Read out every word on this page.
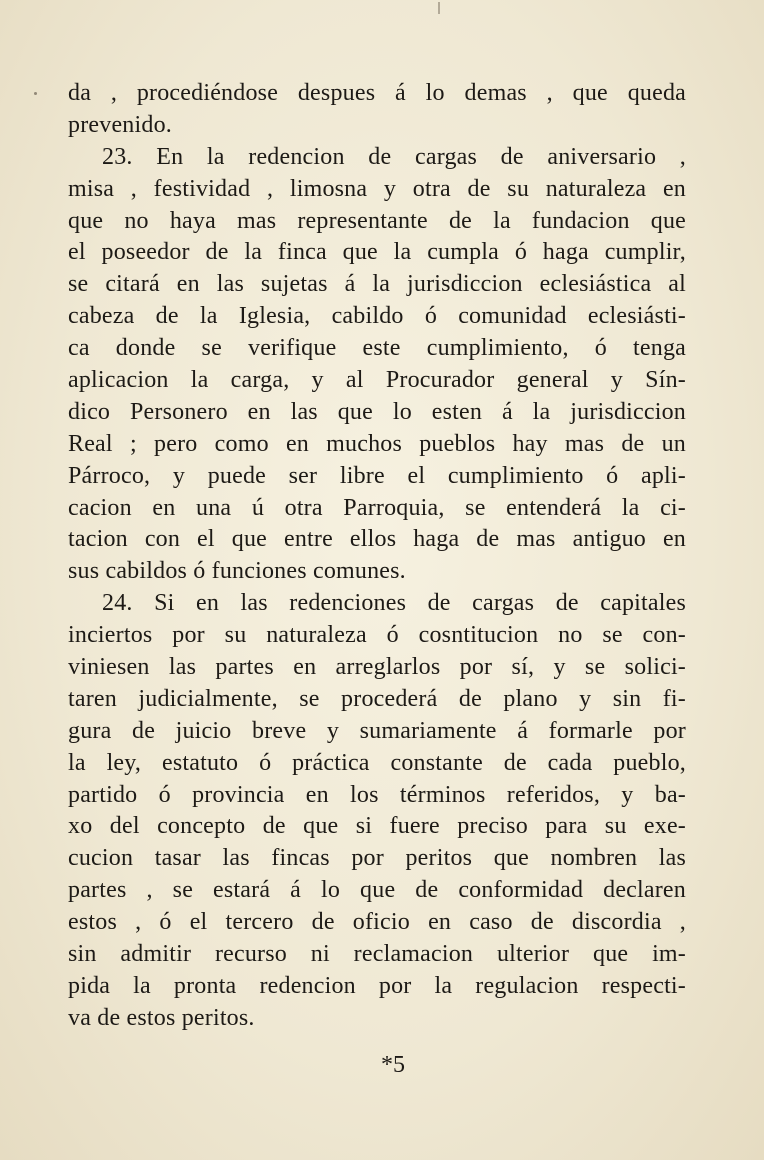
da , procediéndose despues á lo demas , que queda
prevenido.
23. En la redencion de cargas de aniversario ,
misa , festividad , limosna y otra de su naturaleza en
que no haya mas representante de la fundacion que
el poseedor de la finca que la cumpla ó haga cumplir,
se citará en las sujetas á la jurisdiccion eclesiástica al
cabeza de la Iglesia, cabildo ó comunidad eclesiásti-
ca donde se verifique este cumplimiento, ó tenga
aplicacion la carga, y al Procurador general y Sín-
dico Personero en las que lo esten á la jurisdiccion
Real ; pero como en muchos pueblos hay mas de un
Párroco, y puede ser libre el cumplimiento ó apli-
cacion en una ú otra Parroquia, se entenderá la ci-
tacion con el que entre ellos haga de mas antiguo en
sus cabildos ó funciones comunes.
24. Si en las redenciones de cargas de capitales
inciertos por su naturaleza ó cosntitucion no se con-
viniesen las partes en arreglarlos por sí, y se solici-
taren judicialmente, se procederá de plano y sin fi-
gura de juicio breve y sumariamente á formarle por
la ley, estatuto ó práctica constante de cada pueblo,
partido ó provincia en los términos referidos, y ba-
xo del concepto de que si fuere preciso para su exe-
cucion tasar las fincas por peritos que nombren las
partes , se estará á lo que de conformidad declaren
estos , ó el tercero de oficio en caso de discordia ,
sin admitir recurso ni reclamacion ulterior que im-
pida la pronta redencion por la regulacion respecti-
va de estos peritos.
*5
